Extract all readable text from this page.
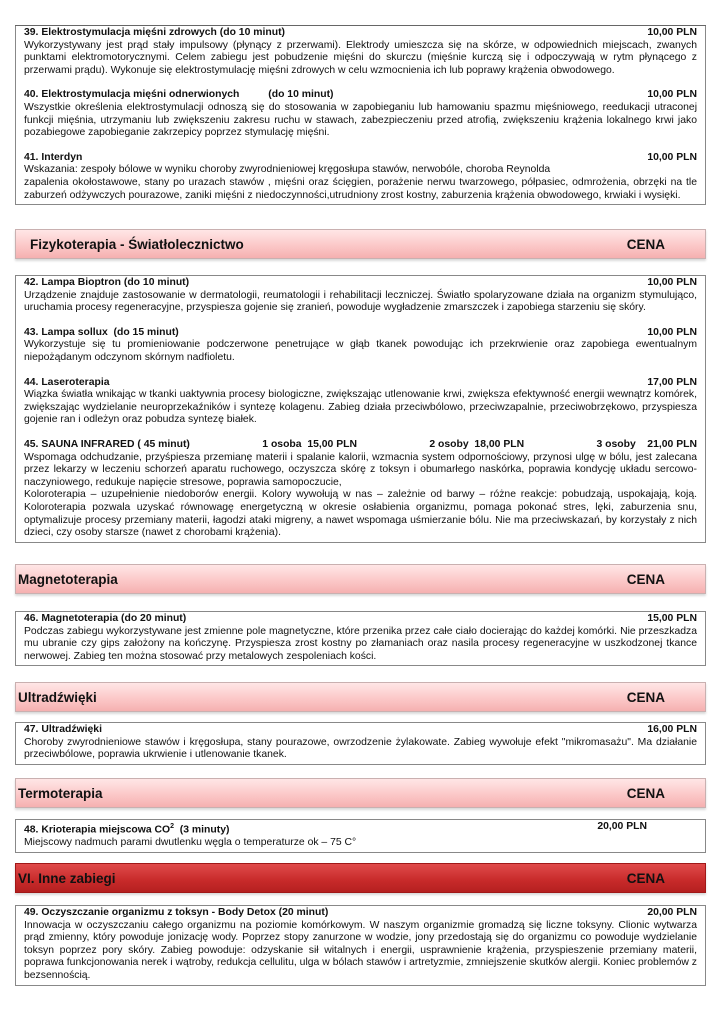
39. Elektrostymulacja mięśni zdrowych (do 10 minut)	10,00 PLN
Wykorzystywany jest prąd stały impulsowy (płynący z przerwami). Elektrody umieszcza się na skórze, w odpowiednich miejscach, zwanych punktami elektromotorycznymi. Celem zabiegu jest pobudzenie mięśni do skurczu (mięśnie kurczą się i odpoczywają w rytm płynącego z przerwami prądu). Wykonuje się elektrostymulację mięśni zdrowych w celu wzmocnienia ich lub poprawy krążenia obwodowego.
40. Elektrostymulacja mięśni odnerwionych          (do 10 minut)	10,00 PLN
Wszystkie określenia elektrostymulacji odnoszą się do stosowania w zapobieganiu lub hamowaniu spazmu mięśniowego, reedukacji utraconej funkcji mięśnia, utrzymaniu lub zwiększeniu zakresu ruchu w stawach, zabezpieczeniu przed atrofią, zwiększeniu krążenia lokalnego krwi jako pozabiegowe zapobieganie zakrzepicy poprzez stymulację mięśni.
41. Interdyn	10,00 PLN
Wskazania: zespoły bólowe w wyniku choroby zwyrodnieniowej kręgosłupa stawów, nerwobóle, choroba Reynolda
zapalenia okołostawowe, stany po urazach stawów , mięśni oraz ścięgien, porażenie nerwu twarzowego, półpasiec, odmrożenia, obrzęki na tle zaburzeń odżywczych pourazowe, zaniki mięśni z niedoczynności,utrudniony zrost kostny, zaburzenia krążenia obwodowego, krwiaki i wysięki.
Fizykoterapia - Światłolecznictwo	CENA
42. Lampa Bioptron (do 10 minut)	10,00 PLN
Urządzenie znajduje zastosowanie w dermatologii, reumatologii i rehabilitacji leczniczej. Światło spolaryzowane działa na organizm stymulująco, uruchamia procesy regeneracyjne, przyspiesza gojenie się zranień, powoduje wygładzenie zmarszczek i zapobiega starzeniu się skóry.
43. Lampa sollux  (do 15 minut)	10,00 PLN
Wykorzystuje się tu promieniowanie podczerwone penetrujące w głąb tkanek powodując ich przekrwienie oraz zapobiega ewentualnym niepożądanym odczynom skórnym nadfioletu.
44. Laseroterapia	17,00 PLN
Wiązka światła wnikając w tkanki uaktywnia procesy biologiczne, zwiększając utlenowanie krwi, zwiększa efektywność energii wewnątrz komórek, zwiększając wydzielanie neuroprzekaźników i syntezę kolagenu. Zabieg działa przeciwbólowo, przeciwzapalnie, przeciwobrzękowo, przyspiesza gojenie ran i odleżyn oraz pobudza syntezę białek.
45. SAUNA INFRARED ( 45 minut)	1 osoba  15,00 PLN	2 osoby  18,00 PLN	3 osoby    21,00 PLN
Wspomaga odchudzanie, przyśpiesza przemianę materii i spalanie kalorii, wzmacnia system odpornościowy, przynosi ulgę w bólu, jest zalecana przez lekarzy w leczeniu schorzeń aparatu ruchowego, oczyszcza skórę z toksyn i obumarłego naskórka, poprawia kondycję układu sercowo- naczyniowego, redukuje napięcie stresowe, poprawia samopoczucie,
Koloroterapia – uzupełnienie niedoborów energii. Kolory wywołują w nas – zależnie od barwy – różne reakcje: pobudzają, uspokajają, koją. Koloroterapia pozwala uzyskać równowagę energetyczną w okresie osłabienia organizmu, pomaga pokonać stres, lęki, zaburzenia snu, optymalizuje procesy przemiany materii, łagodzi ataki migreny, a nawet wspomaga uśmierzanie bólu. Nie ma przeciwskazań, by korzystały z nich dzieci, czy osoby starsze (nawet z chorobami krążenia).
Magnetoterapia	CENA
46. Magnetoterapia (do 20 minut)	15,00 PLN
Podczas zabiegu wykorzystywane jest zmienne pole magnetyczne, które przenika przez całe ciało docierając do każdej komórki. Nie przeszkadza mu ubranie czy gips założony na kończynę. Przyspiesza zrost kostny po złamaniach oraz nasila procesy regeneracyjne w uszkodzonej tkance nerwowej. Zabieg ten można stosować przy metalowych zespoleniach kości.
Ultradźwięki	CENA
47. Ultradźwięki	16,00 PLN
Choroby zwyrodnieniowe stawów i kręgosłupa, stany pourazowe, owrzodzenie żylakowate. Zabieg wywołuje efekt "mikromasażu". Ma działanie przeciwbólowe, poprawia ukrwienie i utlenowanie tkanek.
Termoterapia	CENA
48. Krioterapia miejscowa $CO^2$  (3 minuty)	20,00 PLN
Miejscowy nadmuch parami dwutlenku węgla o temperaturze ok – 75 C°
VI. Inne zabiegi	CENA
49. Oczyszczanie organizmu z toksyn - Body Detox (20 minut)	20,00 PLN
Innowacja w oczyszczaniu całego organizmu na poziomie komórkowym. W naszym organizmie gromadzą się liczne toksyny. Clionic wytwarza prąd zmienny, który powoduje jonizację wody. Poprzez stopy zanurzone w wodzie, jony przedostają się do organizmu co powoduje wydzielanie toksyn poprzez pory skóry. Zabieg powoduje: odzyskanie sił witalnych i energii, usprawnienie krążenia, przyspieszenie przemiany materii, poprawa funkcjonowania nerek i wątroby, redukcja cellulitu, ulga w bólach stawów i artretyzmie, zmniejszenie skutków alergii. Koniec problemów z bezsennością.
